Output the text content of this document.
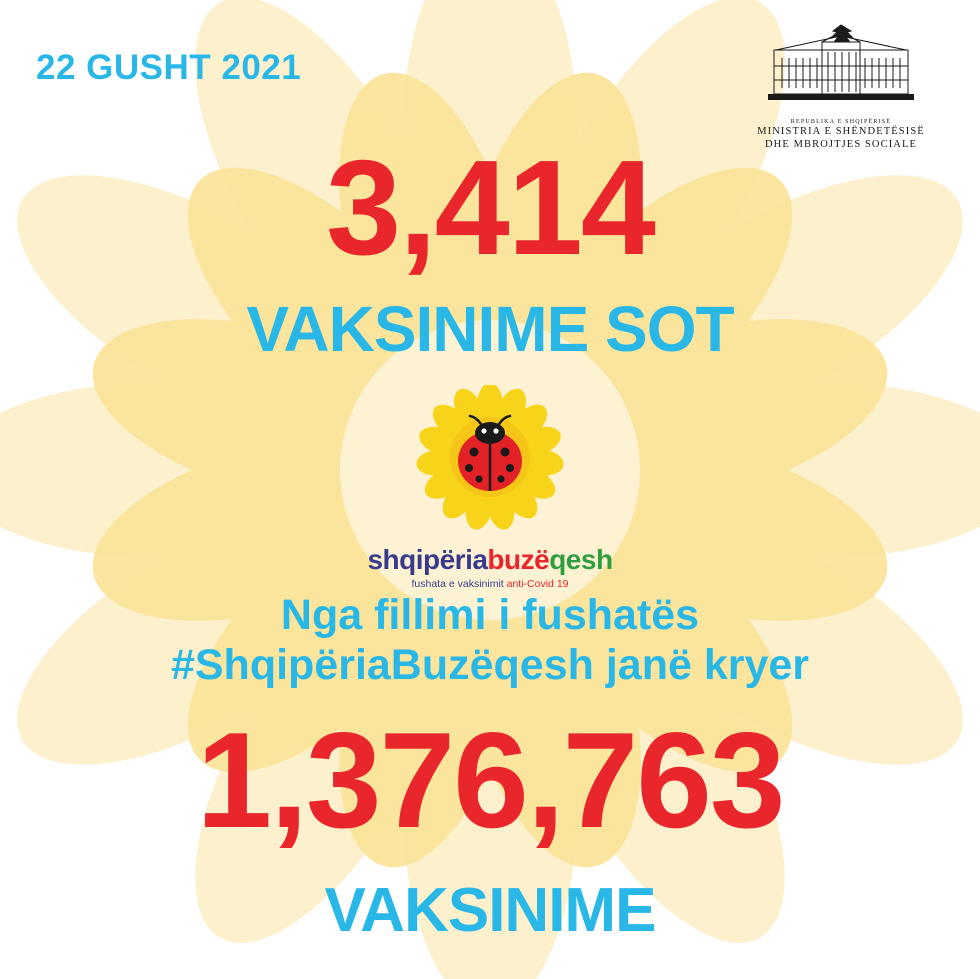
22 GUSHT 2021
REPUBLIKA E SHQIPËRISË
MINISTRIA E SHËNDETËSISË
DHE MBROJTJES SOCIALE
3,414
VAKSINIME SOT
shqipëriabuzëqesh
fushata e vaksinimit anti-Covid 19
Nga fillimi i fushatës
#ShqipëriaBuzëqesh janë kryer
1,376,763
VAKSINIME
